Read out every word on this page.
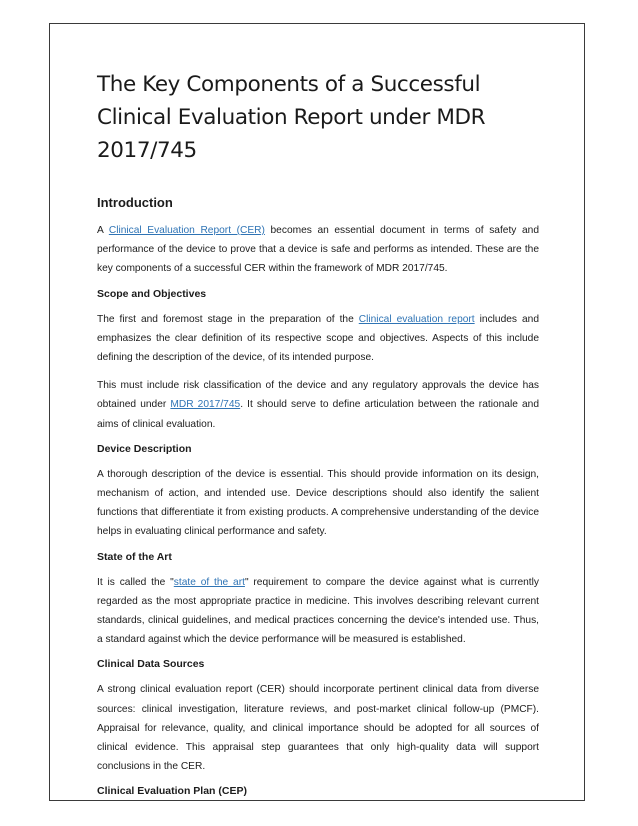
The Key Components of a Successful Clinical Evaluation Report under MDR 2017/745
Introduction

A Clinical Evaluation Report (CER) becomes an essential document in terms of safety and performance of the device to prove that a device is safe and performs as intended. These are the key components of a successful CER within the framework of MDR 2017/745.

Scope and Objectives

The first and foremost stage in the preparation of the Clinical evaluation report includes and emphasizes the clear definition of its respective scope and objectives. Aspects of this include defining the description of the device, of its intended purpose.

This must include risk classification of the device and any regulatory approvals the device has obtained under MDR 2017/745. It should serve to define articulation between the rationale and aims of clinical evaluation.

Device Description

A thorough description of the device is essential. This should provide information on its design, mechanism of action, and intended use. Device descriptions should also identify the salient functions that differentiate it from existing products. A comprehensive understanding of the device helps in evaluating clinical performance and safety.

State of the Art

It is called the "state of the art" requirement to compare the device against what is currently regarded as the most appropriate practice in medicine. This involves describing relevant current standards, clinical guidelines, and medical practices concerning the device's intended use. Thus, a standard against which the device performance will be measured is established.

Clinical Data Sources

A strong clinical evaluation report (CER) should incorporate pertinent clinical data from diverse sources: clinical investigation, literature reviews, and post-market clinical follow-up (PMCF). Appraisal for relevance, quality, and clinical importance should be adopted for all sources of clinical evidence. This appraisal step guarantees that only high-quality data will support conclusions in the CER.

Clinical Evaluation Plan (CEP)
